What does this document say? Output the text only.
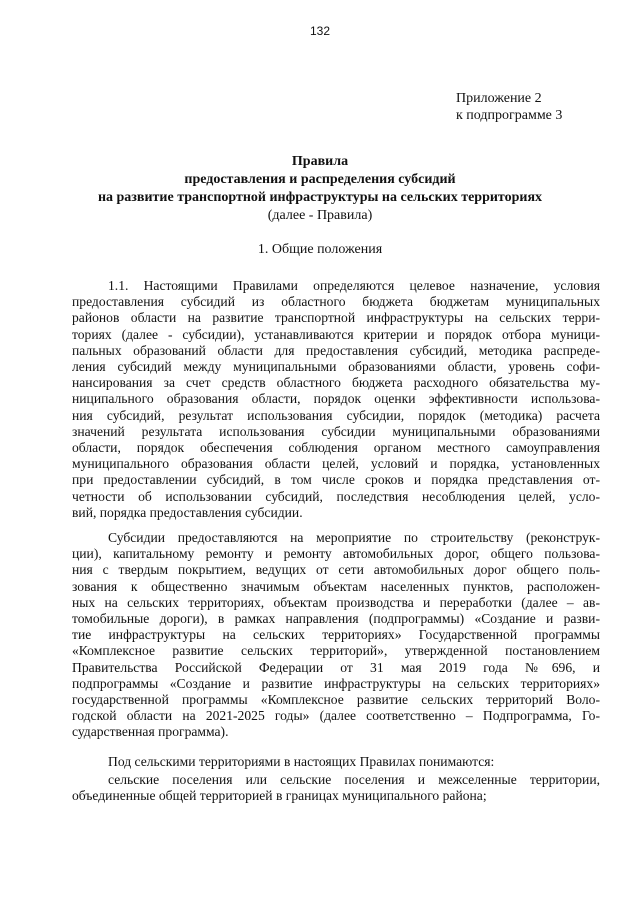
132
Приложение 2
к подпрограмме 3
Правила
предоставления и распределения субсидий
на развитие транспортной инфраструктуры на сельских территориях
(далее - Правила)
1. Общие положения
1.1. Настоящими Правилами определяются целевое назначение, условия
предоставления субсидий из областного бюджета бюджетам муниципальных
районов области на развитие транспортной инфраструктуры на сельских терри-
ториях (далее - субсидии), устанавливаются критерии и порядок отбора муници-
пальных образований области для предоставления субсидий, методика распреде-
ления субсидий между муниципальными образованиями области, уровень софи-
нансирования за счет средств областного бюджета расходного обязательства му-
ниципального образования области, порядок оценки эффективности использова-
ния субсидий, результат использования субсидии, порядок (методика) расчета
значений результата использования субсидии муниципальными образованиями
области, порядок обеспечения соблюдения органом местного самоуправления
муниципального образования области целей, условий и порядка, установленных
при предоставлении субсидий, в том числе сроков и порядка представления от-
четности об использовании субсидий, последствия несоблюдения целей, усло-
вий, порядка предоставления субсидии.
Субсидии предоставляются на мероприятие по строительству (реконструк-
ции), капитальному ремонту и ремонту автомобильных дорог, общего пользова-
ния с твердым покрытием, ведущих от сети автомобильных дорог общего поль-
зования к общественно значимым объектам населенных пунктов, расположен-
ных на сельских территориях, объектам производства и переработки (далее – ав-
томобильные дороги), в рамках направления (подпрограммы) «Создание и разви-
тие инфраструктуры на сельских территориях» Государственной программы
«Комплексное развитие сельских территорий», утвержденной постановлением
Правительства Российской Федерации от 31 мая 2019 года №696, и
подпрограммы «Создание и развитие инфраструктуры на сельских территориях»
государственной программы «Комплексное развитие сельских территорий Воло-
годской области на 2021-2025 годы» (далее соответственно – Подпрограмма, Го-
сударственная программа).
Под сельскими территориями в настоящих Правилах понимаются:
сельские поселения или сельские поселения и межселенные территории,
объединенные общей территорией в границах муниципального района;
